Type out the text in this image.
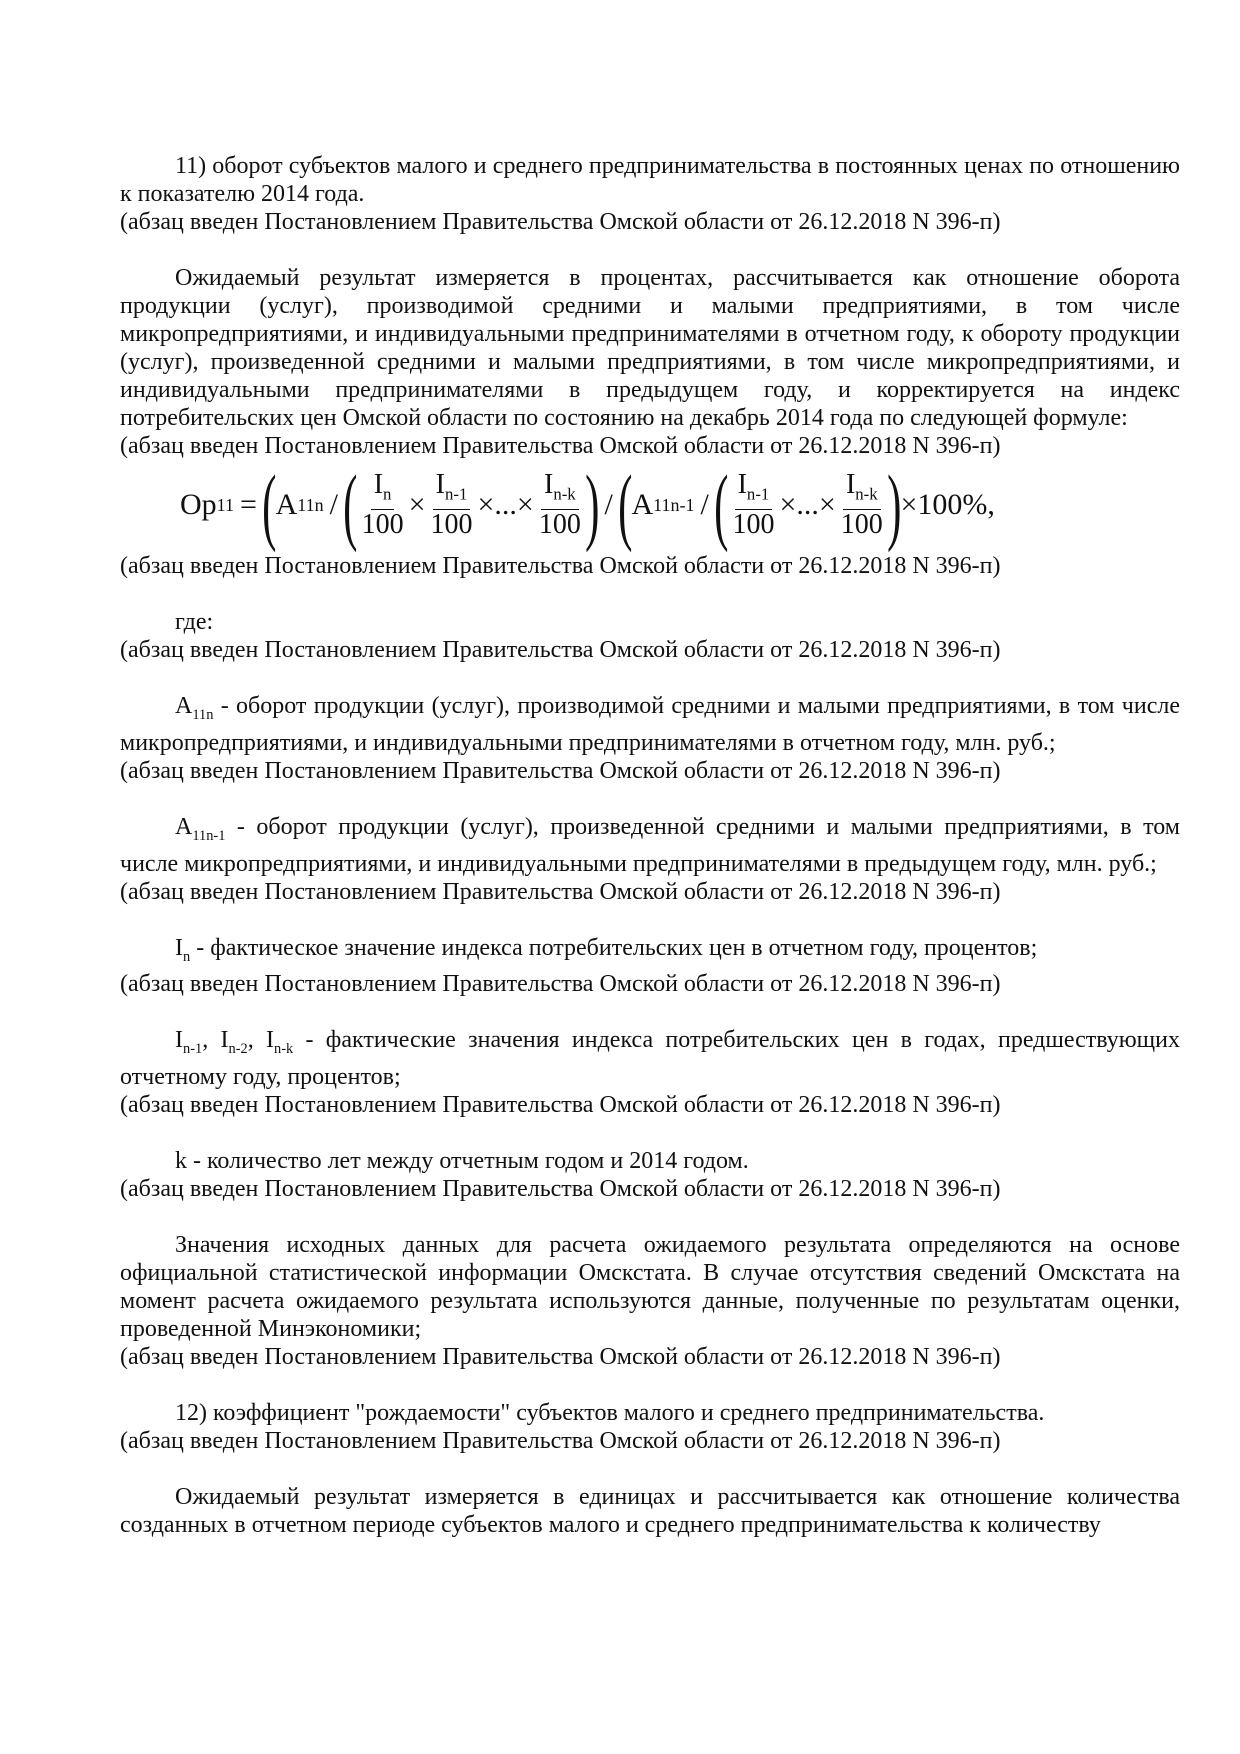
11) оборот субъектов малого и среднего предпринимательства в постоянных ценах по отношению к показателю 2014 года.

(абзац введен Постановлением Правительства Омской области от 26.12.2018 N 396-п)

Ожидаемый результат измеряется в процентах, рассчитывается как отношение оборота продукции (услуг), производимой средними и малыми предприятиями, в том числе микропредприятиями, и индивидуальными предпринимателями в отчетном году, к обороту продукции (услуг), произведенной средними и малыми предприятиями, в том числе микропредприятиями, и индивидуальными предпринимателями в предыдущем году, и корректируется на индекс потребительских цен Омской области по состоянию на декабрь 2014 года по следующей формуле:

(абзац введен Постановлением Правительства Омской области от 26.12.2018 N 396-п)

Op 11 = ( A 11n / ( $\frac{I_n}{100} \times \frac{I_{n-1}}{100}$ × ... × $\frac{I_{n-k}}{100}$ ) / ( A 11n-1 / ( $\frac{I_{n-1}}{100}$ × ... × $\frac{I_{n-k}}{100}$ ) ×100%,

(абзац введен Постановлением Правительства Омской области от 26.12.2018 N 396-п)

где:

(абзац введен Постановлением Правительства Омской области от 26.12.2018 N 396-п)

$A_{11n}$ - оборот продукции (услуг), производимой средними и малыми предприятиями, в том числе микропредприятиями, и индивидуальными предпринимателями в отчетном году, млн. руб.;

(абзац введен Постановлением Правительства Омской области от 26.12.2018 N 396-п)

$A_{11n-1}$ - оборот продукции (услуг), произведенной средними и малыми предприятиями, в том числе микропредприятиями, и индивидуальными предпринимателями в предыдущем году, млн. руб.;

(абзац введен Постановлением Правительства Омской области от 26.12.2018 N 396-п)

$I_n$ - фактическое значение индекса потребительских цен в отчетном году, процентов;

(абзац введен Постановлением Правительства Омской области от 26.12.2018 N 396-п)

$I_{n-1}$, $I_{n-2}$, $I_{n-k}$ - фактические значения индекса потребительских цен в годах, предшествующих отчетному году, процентов;

(абзац введен Постановлением Правительства Омской области от 26.12.2018 N 396-п)

k - количество лет между отчетным годом и 2014 годом.

(абзац введен Постановлением Правительства Омской области от 26.12.2018 N 396-п)

Значения исходных данных для расчета ожидаемого результата определяются на основе официальной статистической информации Омскстата. В случае отсутствия сведений Омскстата на момент расчета ожидаемого результата используются данные, полученные по результатам оценки, проведенной Минэкономики;

(абзац введен Постановлением Правительства Омской области от 26.12.2018 N 396-п)

12) коэффициент "рождаемости" субъектов малого и среднего предпринимательства.

(абзац введен Постановлением Правительства Омской области от 26.12.2018 N 396-п)

Ожидаемый результат измеряется в единицах и рассчитывается как отношение количества созданных в отчетном периоде субъектов малого и среднего предпринимательства к количеству
